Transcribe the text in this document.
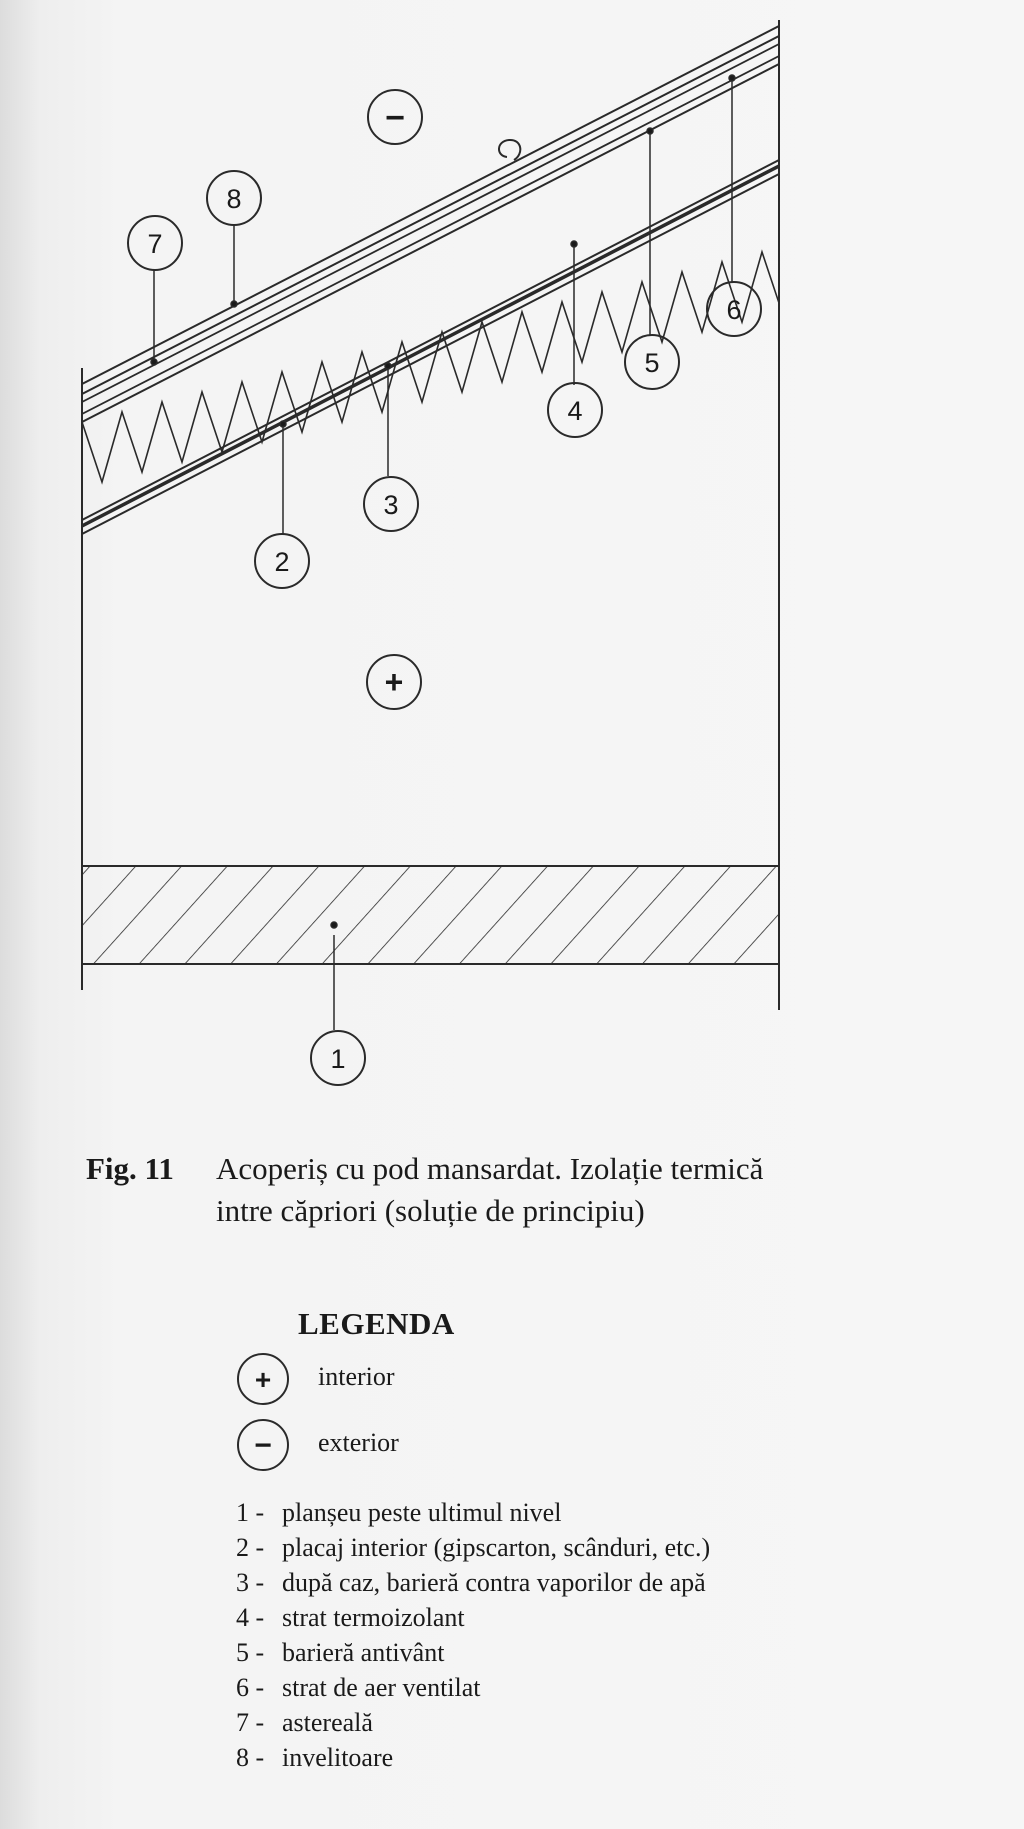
1
2
3
4
5
6
7
8
−
+
Fig. 11 Acoperiș cu pod mansardat. Izolație termică
intre căpriori (soluție de principiu)
LEGENDA
+ interior
− exterior
1 - planșeu peste ultimul nivel
2 - placaj interior (gipscarton, scânduri, etc.)
3 - după caz, barieră contra vaporilor de apă
4 - strat termoizolant
5 - barieră antivânt
6 - strat de aer ventilat
7 - astereală
8 - invelitoare
